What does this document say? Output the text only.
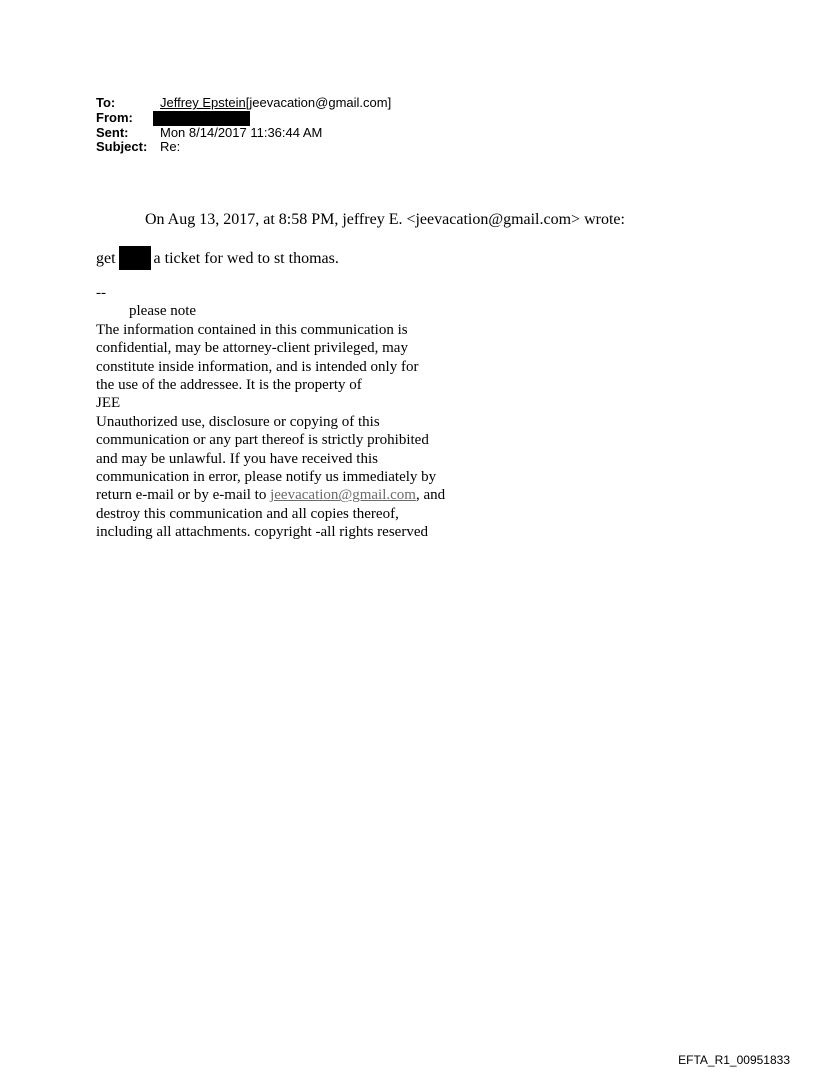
To:	Jeffrey Epstein[jeevacation@gmail.com]
From:
Sent:	Mon 8/14/2017 11:36:44 AM
Subject: Re:
On Aug 13, 2017, at 8:58 PM, jeffrey E. <jeevacation@gmail.com> wrote:
get a ticket for wed to st thomas.
--
please note
The information contained in this communication is
confidential, may be attorney-client privileged, may
constitute inside information, and is intended only for
the use of the addressee. It is the property of
JEE
Unauthorized use, disclosure or copying of this
communication or any part thereof is strictly prohibited
and may be unlawful. If you have received this
communication in error, please notify us immediately by
return e-mail or by e-mail to jeevacation@gmail.com, and
destroy this communication and all copies thereof,
including all attachments. copyright -all rights reserved
EFTA_R1_00951833
